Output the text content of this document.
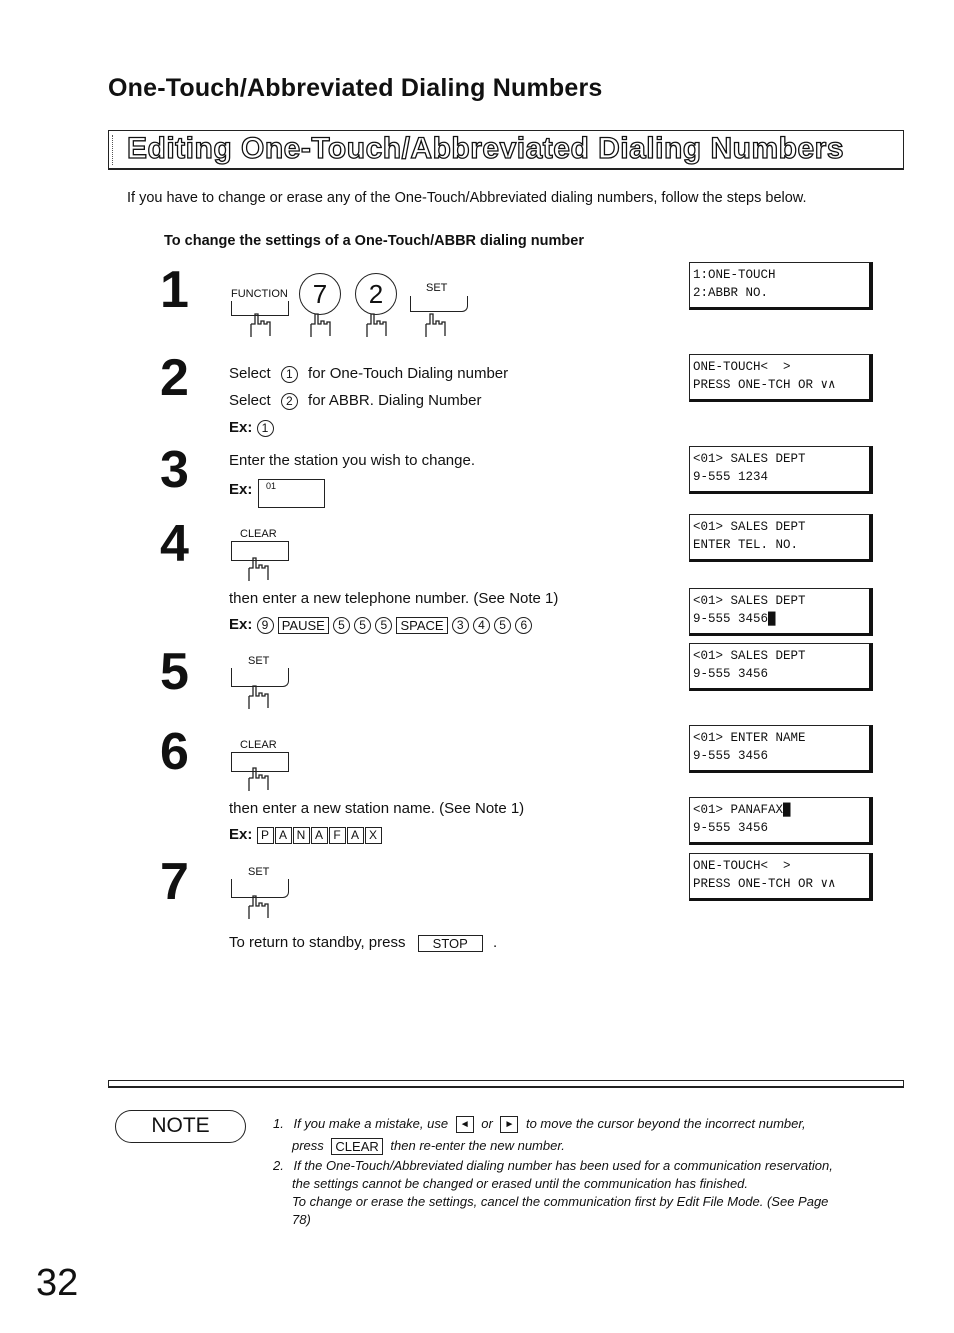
One-Touch/Abbreviated Dialing Numbers
Editing One-Touch/Abbreviated Dialing Numbers
If you have to change or erase any of the One-Touch/Abbreviated dialing numbers, follow the steps below.
To change the settings of a One-Touch/ABBR dialing number
1	FUNCTION 7	2	SET
1:ONE-TOUCH
2:ABBR NO.
2	Select 1 for One-Touch Dialing number
Select 2 for ABBR. Dialing Number
Ex: 1
ONE-TOUCH<  >
PRESS ONE-TCH OR ∨∧
3	Enter the station you wish to change.
Ex:	01
<01> SALES DEPT
9-555 1234
4	CLEAR
then enter a new telephone number. (See Note 1)
Ex: 9 PAUSE 5 5 5 SPACE 3 4 5 6
<01> SALES DEPT
ENTER TEL. NO.
<01> SALES DEPT
9-555 3456█
5	SET	<01> SALES DEPT
9-555 3456
6	CLEAR
then enter a new station name. (See Note 1)
Ex: P A N A F A X
<01> ENTER NAME
9-555 3456
<01> PANAFAX█
9-555 3456
7	SET
To return to standby, press STOP .
ONE-TOUCH<  >
PRESS ONE-TCH OR ∨∧
NOTE	1. If you make a mistake, use ◄ or ► to move the cursor beyond the incorrect number,
press CLEAR then re-enter the new number.
2. If the One-Touch/Abbreviated dialing number has been used for a communication reservation,
the settings cannot be changed or erased until the communication has finished.
To change or erase the settings, cancel the communication first by Edit File Mode. (See Page
78)
32
